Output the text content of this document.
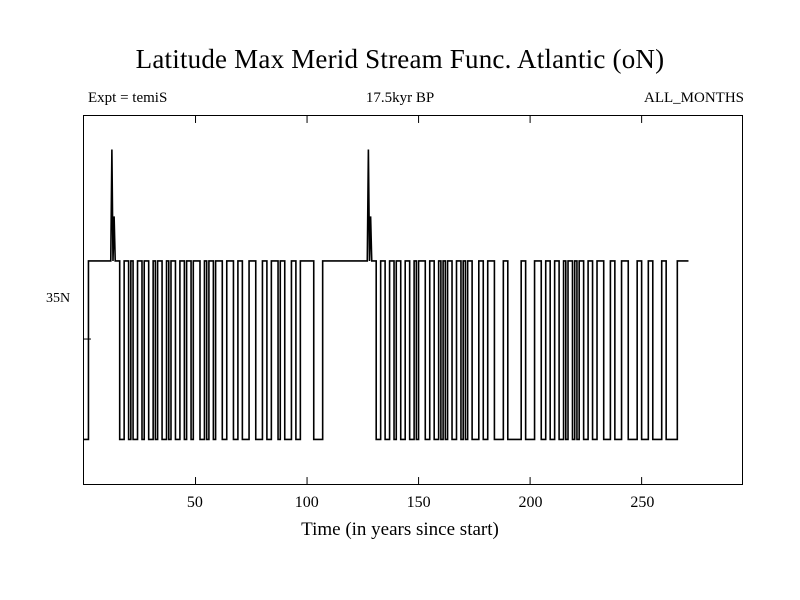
Latitude Max Merid Stream Func. Atlantic (oN)
Expt = temiS	17.5kyr BP	ALL_MONTHS
35N
50	100	150	200	250
Time (in years since start)
